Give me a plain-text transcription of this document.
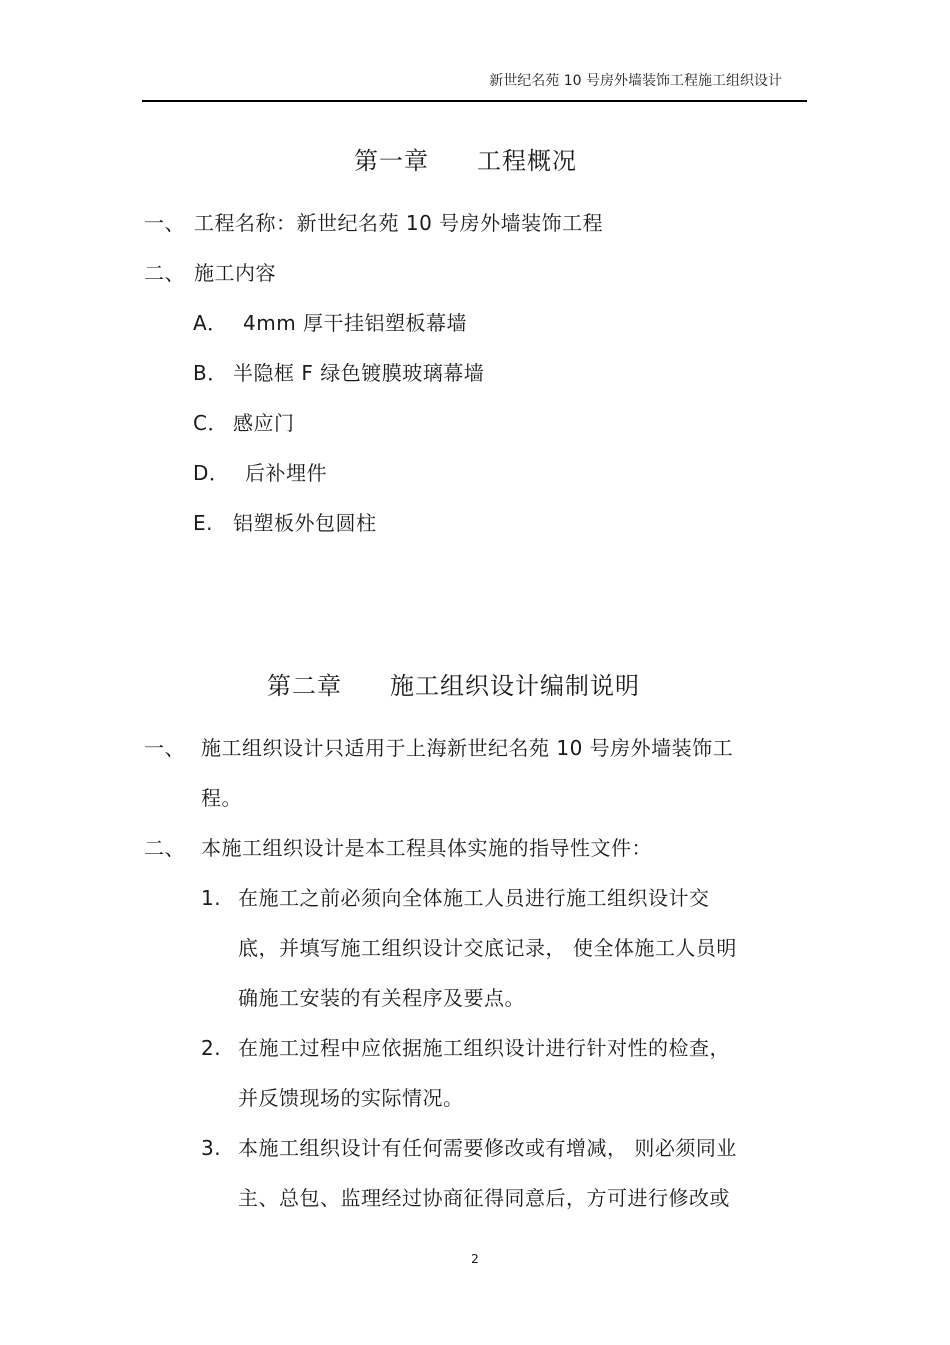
新世纪名苑 10 号房外墙装饰工程施工组织设计
第一章 工程概况
一、 工程名称：新世纪名苑 10 号房外墙装饰工程
二、 施工内容
A． 4mm 厚干挂铝塑板幕墙
B． 半隐框 F 绿色镀膜玻璃幕墙
C． 感应门
D． 后补埋件
E. 铝塑板外包圆柱
第二章 施工组织设计编制说明
一、 施工组织设计只适用于上海新世纪名苑 10 号房外墙装饰工
程。
二、 本施工组织设计是本工程具体实施的指导性文件：
1. 在施工之前必须向全体施工人员进行施工组织设计交
底，并填写施工组织设计交底记录， 使全体施工人员明
确施工安装的有关程序及要点。
2. 在施工过程中应依据施工组织设计进行针对性的检查，
并反馈现场的实际情况。
3. 本施工组织设计有任何需要修改或有增减， 则必须同业
主、总包、监理经过协商征得同意后，方可进行修改或
2
